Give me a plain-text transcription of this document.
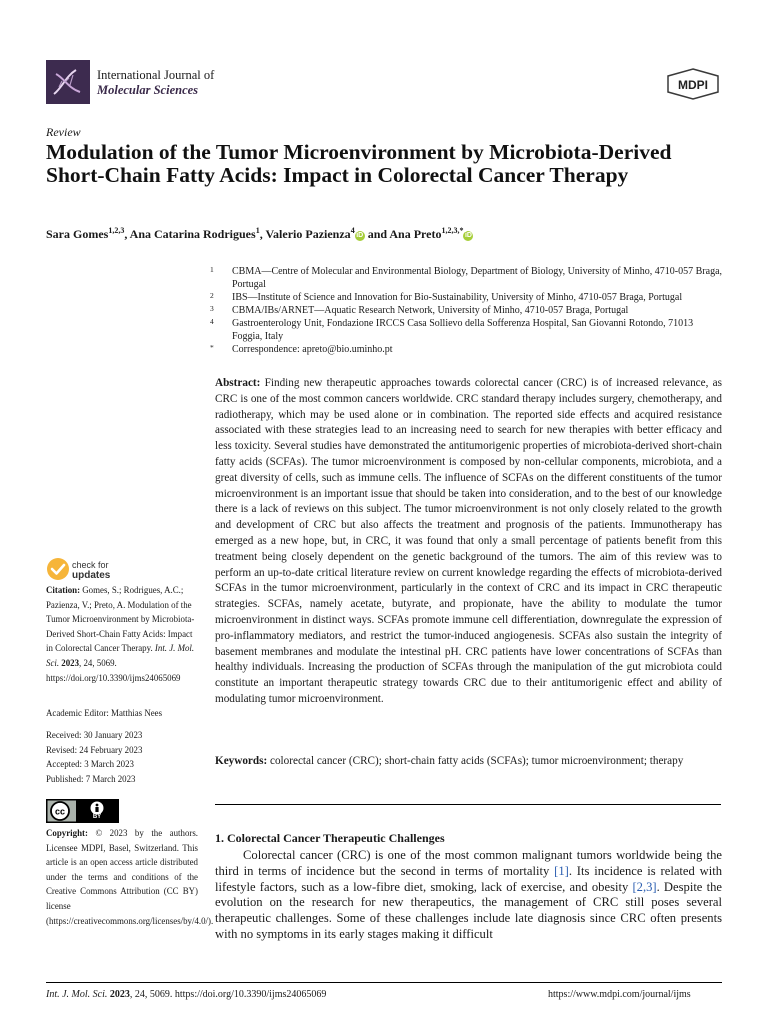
International Journal of
Molecular Sciences	MDPI
Review
Modulation of the Tumor Microenvironment by Microbiota-Derived Short-Chain Fatty Acids: Impact in Colorectal Cancer Therapy
Sara Gomes$^{1,2,3}$, Ana Catarina Rodrigues$^1$, Valerio Pazienza$^4$iD and Ana Preto$^{1,2,3,*}$iD
1 CBMA—Centre of Molecular and Environmental Biology, Department of Biology, University of Minho, 4710-057 Braga, Portugal
2 IBS—Institute of Science and Innovation for Bio-Sustainability, University of Minho, 4710-057 Braga, Portugal
3 CBMA/IBs/ARNET—Aquatic Research Network, University of Minho, 4710-057 Braga, Portugal
4 Gastroenterology Unit, Fondazione IRCCS Casa Sollievo della Sofferenza Hospital, San Giovanni Rotondo, 71013 Foggia, Italy
* Correspondence: apreto@bio.uminho.pt
Abstract: Finding new therapeutic approaches towards colorectal cancer (CRC) is of increased relevance, as CRC is one of the most common cancers worldwide. CRC standard therapy includes surgery, chemotherapy, and radiotherapy, which may be used alone or in combination. The reported side effects and acquired resistance associated with these strategies lead to an increasing need to search for new therapies with better efficacy and less toxicity. Several studies have demonstrated the antitumorigenic properties of microbiota-derived short-chain fatty acids (SCFAs). The tumor microenvironment is composed by non-cellular components, microbiota, and a great diversity of cells, such as immune cells. The influence of SCFAs on the different constituents of the tumor microenvironment is an important issue that should be taken into consideration, and to the best of our knowledge there is a lack of reviews on this subject. The tumor microenvironment is not only closely related to the growth and development of CRC but also affects the treatment and prognosis of the patients. Immunotherapy has emerged as a new hope, but, in CRC, it was found that only a small percentage of patients benefit from this treatment being closely dependent on the genetic background of the tumors. The aim of this review was to perform an up-to-date critical literature review on current knowledge regarding the effects of microbiota-derived SCFAs in the tumor microenvironment, particularly in the context of CRC and its impact in CRC therapeutic strategies. SCFAs, namely acetate, butyrate, and propionate, have the ability to modulate the tumor microenvironment in distinct ways. SCFAs promote immune cell differentiation, downregulate the expression of pro-inflammatory mediators, and restrict the tumor-induced angiogenesis. SCFAs also sustain the integrity of basement membranes and modulate the intestinal pH. CRC patients have lower concentrations of SCFAs than healthy individuals. Increasing the production of SCFAs through the manipulation of the gut microbiota could constitute an important therapeutic strategy towards CRC due to their antitumorigenic effect and ability of modulating tumor microenvironment.
Keywords: colorectal cancer (CRC); short-chain fatty acids (SCFAs); tumor microenvironment; therapy
1. Colorectal Cancer Therapeutic Challenges
Colorectal cancer (CRC) is one of the most common malignant tumors worldwide being the third in terms of incidence but the second in terms of mortality [1]. Its incidence is related with lifestyle factors, such as a low-fibre diet, smoking, lack of exercise, and obesity [2,3]. Despite the evolution on the research for new therapeutics, the management of CRC still poses several therapeutic challenges. Some of these challenges include late diagnosis since CRC often presents with no symptoms in its early stages making it difficult
check for
updates
Citation: Gomes, S.; Rodrigues, A.C.; Pazienza, V.; Preto, A. Modulation of the Tumor Microenvironment by Microbiota-Derived Short-Chain Fatty Acids: Impact in Colorectal Cancer Therapy. Int. J. Mol. Sci. 2023, 24, 5069. https://doi.org/10.3390/ijms24065069
Academic Editor: Matthias Nees
Received: 30 January 2023
Revised: 24 February 2023
Accepted: 3 March 2023
Published: 7 March 2023
cc
BY
Copyright: © 2023 by the authors. Licensee MDPI, Basel, Switzerland. This article is an open access article distributed under the terms and conditions of the Creative Commons Attribution (CC BY) license (https://creativecommons.org/licenses/by/4.0/).
Int. J. Mol. Sci. 2023, 24, 5069. https://doi.org/10.3390/ijms24065069	https://www.mdpi.com/journal/ijms
